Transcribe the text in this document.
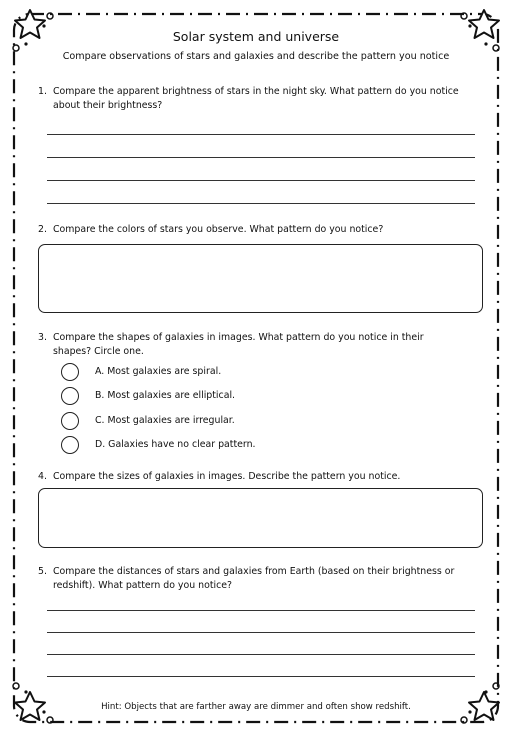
Solar system and universe
Compare observations of stars and galaxies and describe the pattern you notice
1. Compare the apparent brightness of stars in the night sky. What pattern do you notice about their brightness?
2. Compare the colors of stars you observe. What pattern do you notice?
3. Compare the shapes of galaxies in images. What pattern do you notice in their shapes? Circle one.
A. Most galaxies are spiral.
B. Most galaxies are elliptical.
C. Most galaxies are irregular.
D. Galaxies have no clear pattern.
4. Compare the sizes of galaxies in images. Describe the pattern you notice.
5. Compare the distances of stars and galaxies from Earth (based on their brightness or redshift). What pattern do you notice?
Hint: Objects that are farther away are dimmer and often show redshift.
